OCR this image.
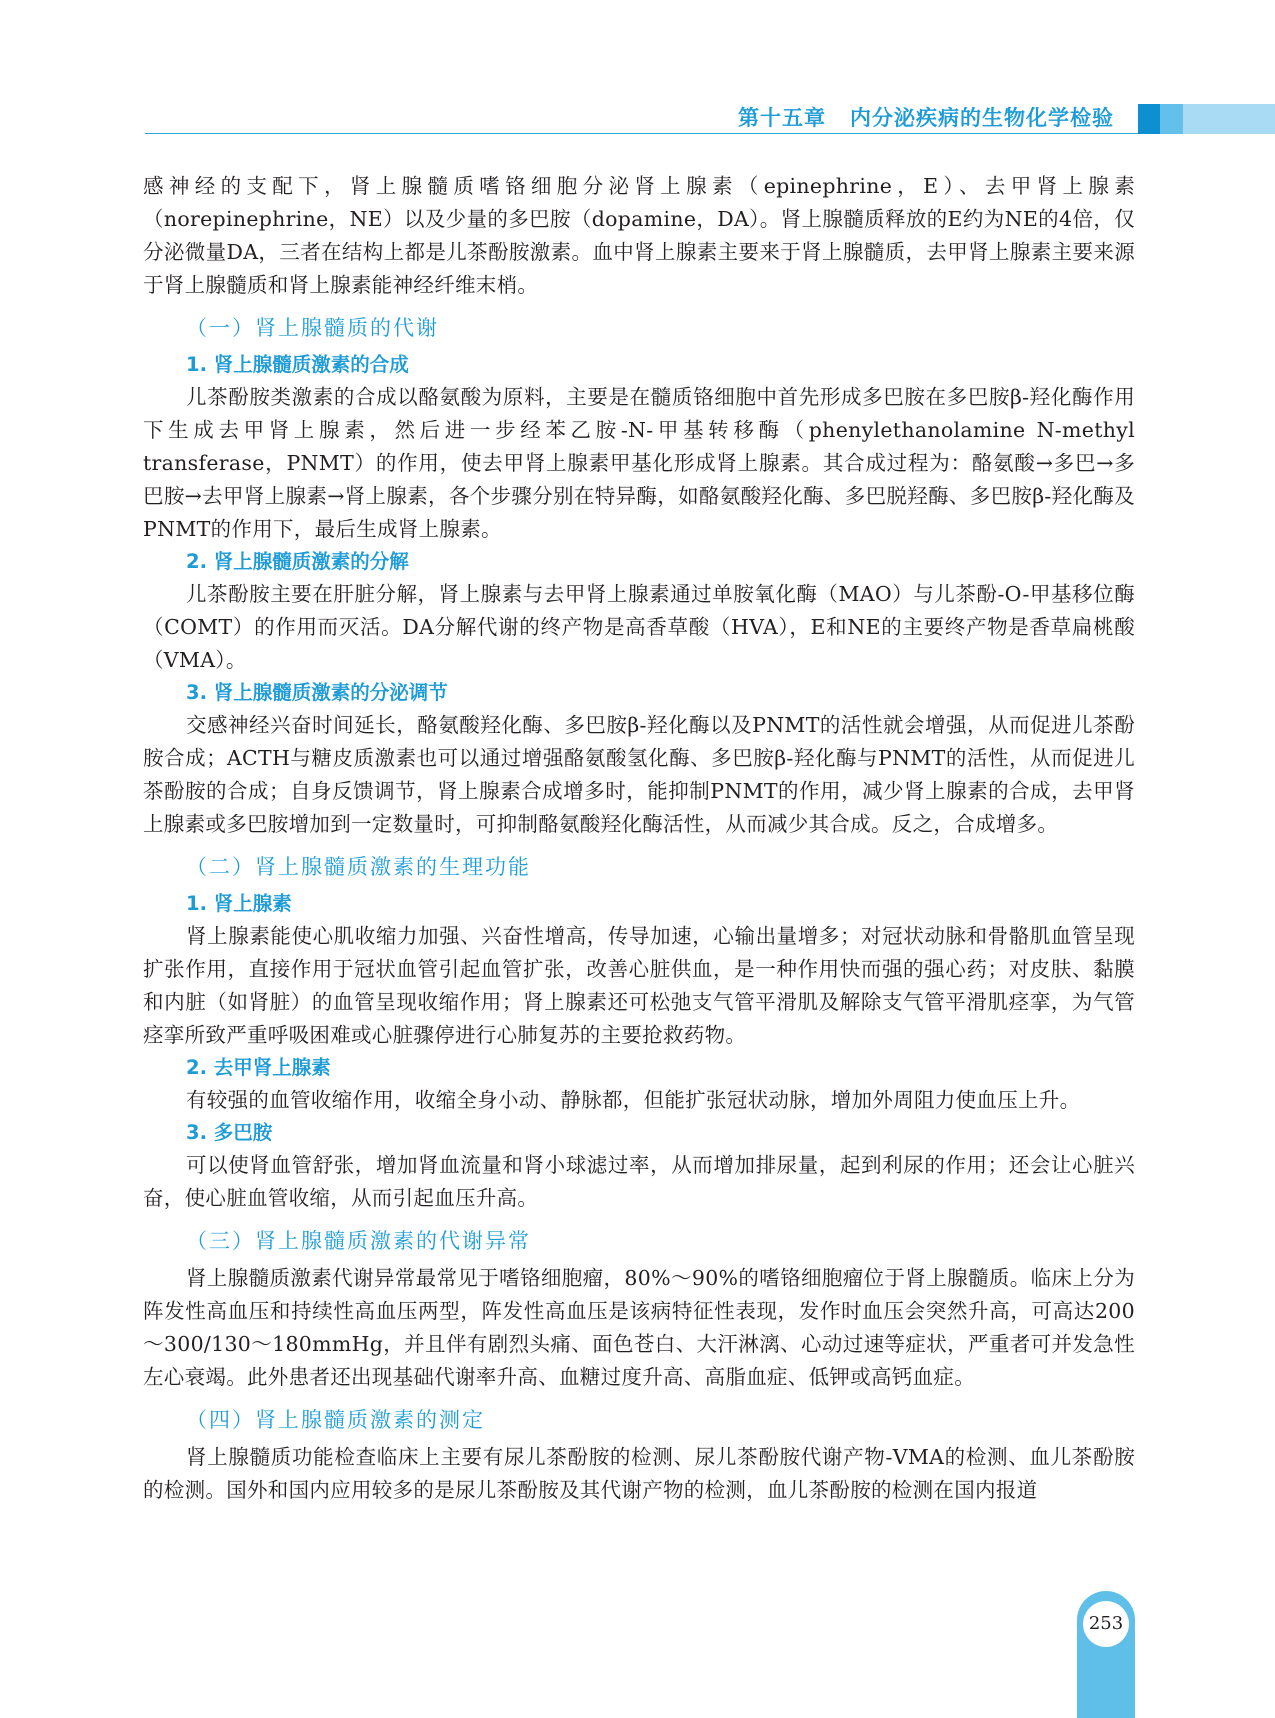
第十五章 内分泌疾病的生物化学检验

感神经的支配下，肾上腺髓质嗜铬细胞分泌肾上腺素（epinephrine，E）、去甲肾上腺素（norepinephrine，NE）以及少量的多巴胺（dopamine，DA）。肾上腺髓质释放的E约为NE的4倍，仅分泌微量DA，三者在结构上都是儿茶酚胺激素。血中肾上腺素主要来于肾上腺髓质，去甲肾上腺素主要来源于肾上腺髓质和肾上腺素能神经纤维末梢。

（一）肾上腺髓质的代谢
1. 肾上腺髓质激素的合成

儿茶酚胺类激素的合成以酪氨酸为原料，主要是在髓质铬细胞中首先形成多巴胺在多巴胺β-羟化酶作用下生成去甲肾上腺素，然后进一步经苯乙胺-N-甲基转移酶（phenylethanolamine N-methyl transferase，PNMT）的作用，使去甲肾上腺素甲基化形成肾上腺素。其合成过程为：酪氨酸→多巴→多巴胺→去甲肾上腺素→肾上腺素，各个步骤分别在特异酶，如酪氨酸羟化酶、多巴脱羟酶、多巴胺β-羟化酶及PNMT的作用下，最后生成肾上腺素。

2. 肾上腺髓质激素的分解

儿茶酚胺主要在肝脏分解，肾上腺素与去甲肾上腺素通过单胺氧化酶（MAO）与儿茶酚-O-甲基移位酶（COMT）的作用而灭活。DA分解代谢的终产物是高香草酸（HVA），E和NE的主要终产物是香草扁桃酸（VMA）。

3. 肾上腺髓质激素的分泌调节

交感神经兴奋时间延长，酪氨酸羟化酶、多巴胺β-羟化酶以及PNMT的活性就会增强，从而促进儿茶酚胺合成；ACTH与糖皮质激素也可以通过增强酪氨酸氢化酶、多巴胺β-羟化酶与PNMT的活性，从而促进儿茶酚胺的合成；自身反馈调节，肾上腺素合成增多时，能抑制PNMT的作用，减少肾上腺素的合成，去甲肾上腺素或多巴胺增加到一定数量时，可抑制酪氨酸羟化酶活性，从而减少其合成。反之，合成增多。

（二）肾上腺髓质激素的生理功能
1. 肾上腺素

肾上腺素能使心肌收缩力加强、兴奋性增高，传导加速，心输出量增多；对冠状动脉和骨骼肌血管呈现扩张作用，直接作用于冠状血管引起血管扩张，改善心脏供血，是一种作用快而强的强心药；对皮肤、黏膜和内脏（如肾脏）的血管呈现收缩作用；肾上腺素还可松弛支气管平滑肌及解除支气管平滑肌痉挛，为气管痉挛所致严重呼吸困难或心脏骤停进行心肺复苏的主要抢救药物。

2. 去甲肾上腺素

有较强的血管收缩作用，收缩全身小动、静脉都，但能扩张冠状动脉，增加外周阻力使血压上升。

3. 多巴胺

可以使肾血管舒张，增加肾血流量和肾小球滤过率，从而增加排尿量，起到利尿的作用；还会让心脏兴奋，使心脏血管收缩，从而引起血压升高。

（三）肾上腺髓质激素的代谢异常

肾上腺髓质激素代谢异常最常见于嗜铬细胞瘤，80%～90%的嗜铬细胞瘤位于肾上腺髓质。临床上分为阵发性高血压和持续性高血压两型，阵发性高血压是该病特征性表现，发作时血压会突然升高，可高达200～300/130～180mmHg，并且伴有剧烈头痛、面色苍白、大汗淋漓、心动过速等症状，严重者可并发急性左心衰竭。此外患者还出现基础代谢率升高、血糖过度升高、高脂血症、低钾或高钙血症。

（四）肾上腺髓质激素的测定

肾上腺髓质功能检查临床上主要有尿儿茶酚胺的检测、尿儿茶酚胺代谢产物-VMA的检测、血儿茶酚胺的检测。国外和国内应用较多的是尿儿茶酚胺及其代谢产物的检测，血儿茶酚胺的检测在国内报道

253
